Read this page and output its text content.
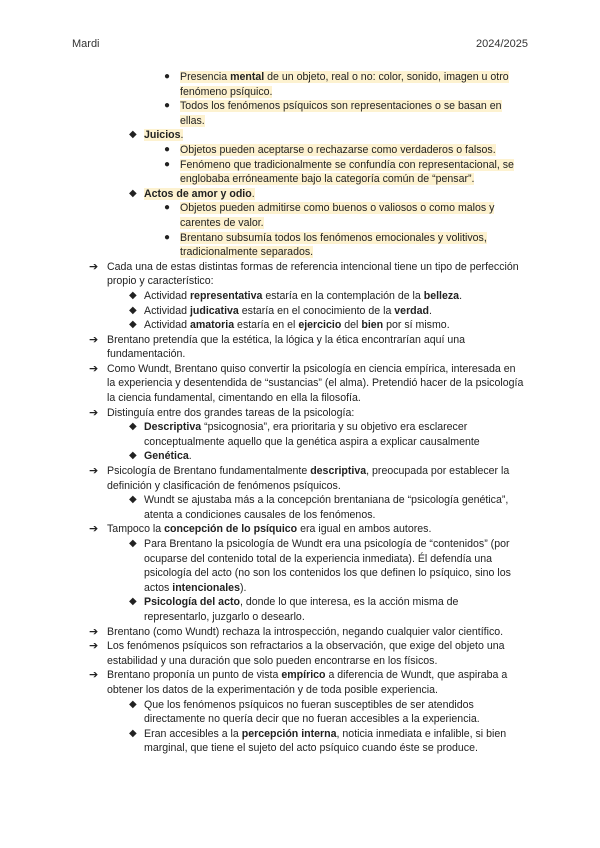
Mardi	2024/2025
● Presencia mental de un objeto, real o no: color, sonido, imagen u otro fenómeno psíquico.
● Todos los fenómenos psíquicos son representaciones o se basan en ellas.
◆ Juicios.
● Objetos pueden aceptarse o rechazarse como verdaderos o falsos.
● Fenómeno que tradicionalmente se confundía con representacional, se englobaba erróneamente bajo la categoría común de “pensar”.
◆ Actos de amor y odio.
● Objetos pueden admitirse como buenos o valiosos o como malos y carentes de valor.
● Brentano subsumía todos los fenómenos emocionales y volitivos, tradicionalmente separados.
➔ Cada una de estas distintas formas de referencia intencional tiene un tipo de perfección propio y característico:
◆ Actividad representativa estaría en la contemplación de la belleza.
◆ Actividad judicativa estaría en el conocimiento de la verdad.
◆ Actividad amatoria estaría en el ejercicio del bien por sí mismo.
➔ Brentano pretendía que la estética, la lógica y la ética encontrarían aquí una fundamentación.
➔ Como Wundt, Brentano quiso convertir la psicología en ciencia empírica, interesada en la experiencia y desentendida de “sustancias” (el alma). Pretendió hacer de la psicología la ciencia fundamental, cimentando en ella la filosofía.
➔ Distinguía entre dos grandes tareas de la psicología:
◆ Descriptiva “psicognosia”, era prioritaria y su objetivo era esclarecer conceptualmente aquello que la genética aspira a explicar causalmente
◆ Genética.
➔ Psicología de Brentano fundamentalmente descriptiva, preocupada por establecer la definición y clasificación de fenómenos psíquicos.
◆ Wundt se ajustaba más a la concepción brentaniana de “psicología genética”, atenta a condiciones causales de los fenómenos.
➔ Tampoco la concepción de lo psíquico era igual en ambos autores.
◆ Para Brentano la psicología de Wundt era una psicología de “contenidos” (por ocuparse del contenido total de la experiencia inmediata). Él defendía una psicología del acto (no son los contenidos los que definen lo psíquico, sino los actos intencionales).
◆ Psicología del acto, donde lo que interesa, es la acción misma de representarlo, juzgarlo o desearlo.
➔ Brentano (como Wundt) rechaza la introspección, negando cualquier valor científico.
➔ Los fenómenos psíquicos son refractarios a la observación, que exige del objeto una estabilidad y una duración que solo pueden encontrarse en los físicos.
➔ Brentano proponía un punto de vista empírico a diferencia de Wundt, que aspiraba a obtener los datos de la experimentación y de toda posible experiencia.
◆ Que los fenómenos psíquicos no fueran susceptibles de ser atendidos directamente no quería decir que no fueran accesibles a la experiencia.
◆ Eran accesibles a la percepción interna, noticia inmediata e infalible, si bien marginal, que tiene el sujeto del acto psíquico cuando éste se produce.
